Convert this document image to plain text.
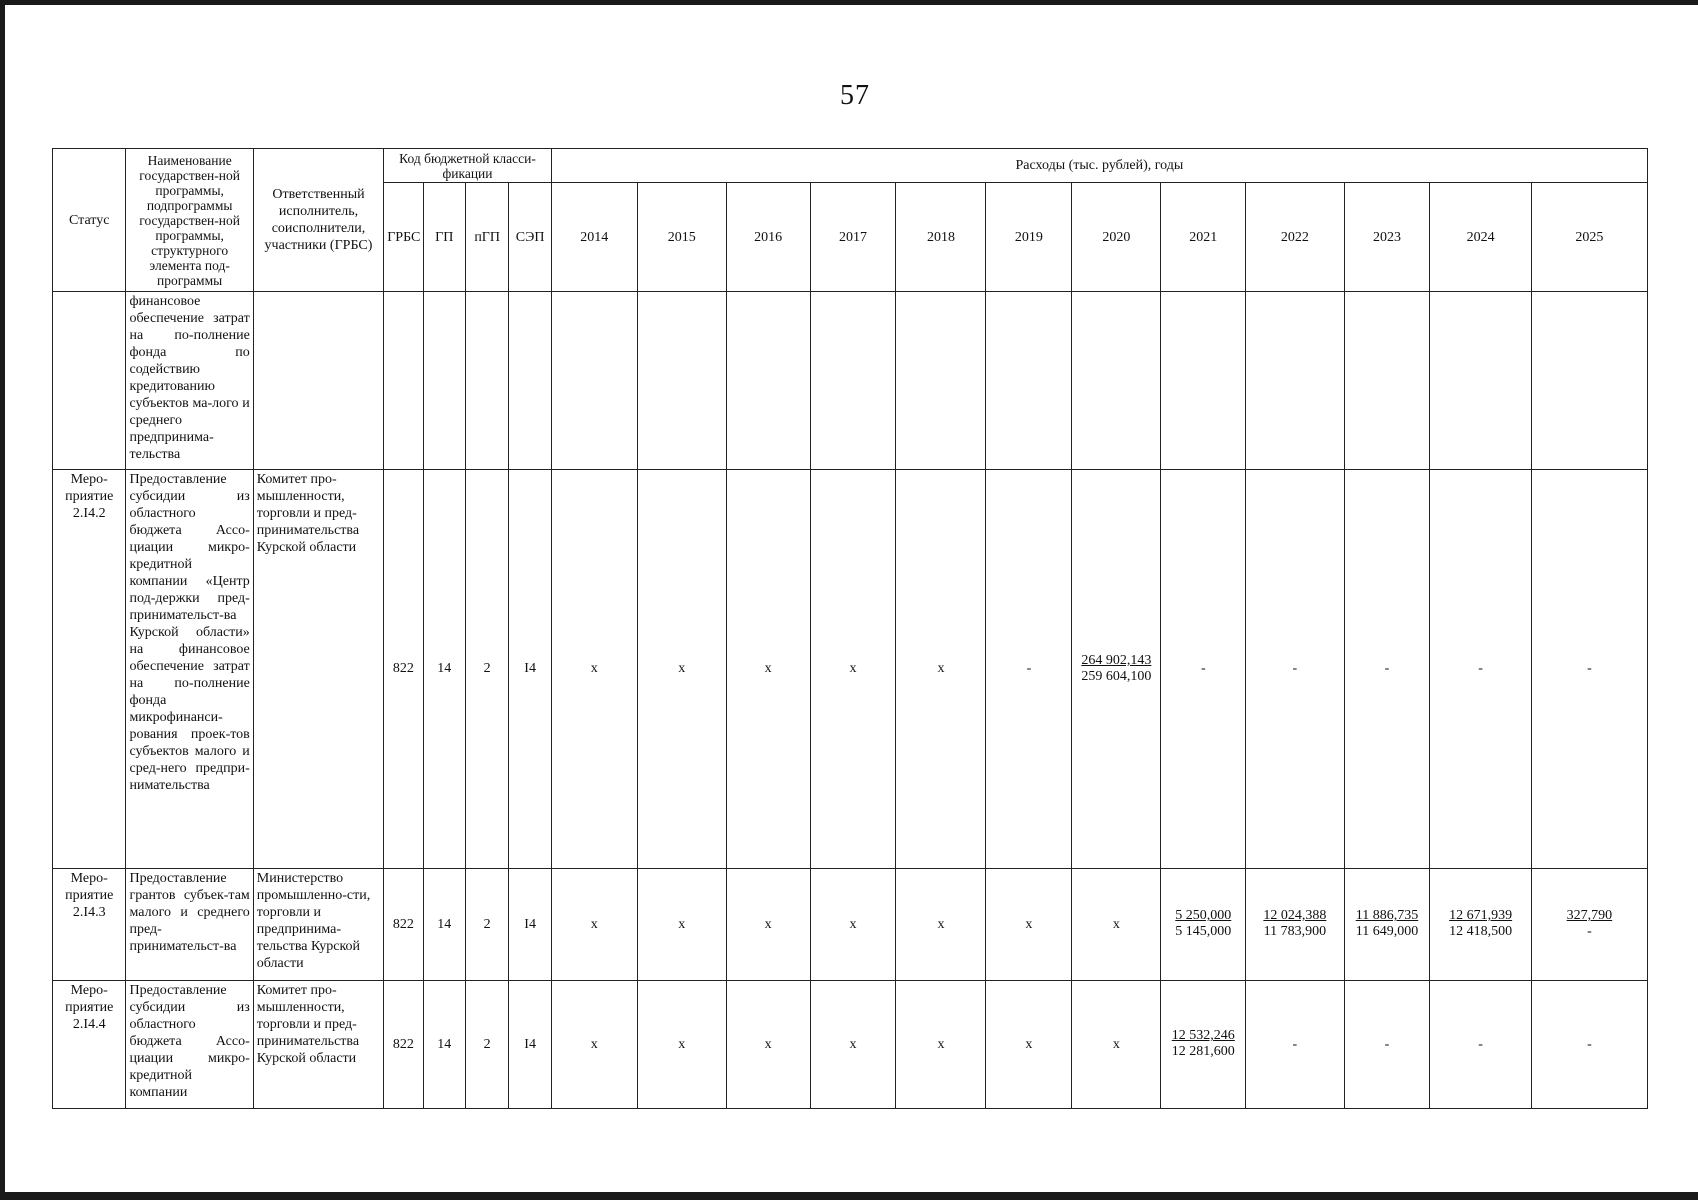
57
Статус	Наименование государствен-ной программы, подпрограммы государствен-ной программы, структурного элемента под-программы	Ответственный исполнитель, соисполнители, участники (ГРБС)	Код бюджетной класси-фикации				Расходы (тыс. рублей), годы											
			ГРБС	ГП	пГП	СЭП	2014	2015	2016	2017	2018	2019	2020	2021	2022	2023	2024	2025
	финансовое обеспечение затрат на по-полнение фонда по содействию кредитованию субъектов ма-лого и среднего предпринима-тельства																	
Меро-приятие 2.I4.2	Предоставление субсидии из областного бюджета Ассо-циации микро-кредитной компании «Центр под-держки пред-принимательст-ва Курской области» на финансовое обеспечение затрат на по-полнение фонда микрофинанси-рования проек-тов субъектов малого и сред-него предпри-нимательства	Комитет про-мышленности, торговли и пред-принимательства Курской области	822	14	2	I4	x	x	x	x	x	-	$\frac{264 902,143}{259 604,100}$	-	-	-	-	-
Меро-приятие 2.I4.3	Предоставление грантов субъек-там малого и среднего пред-принимательст-ва	Министерство промышленно-сти, торговли и предпринима-тельства Курской области	822	14	2	I4	x	x	x	x	x	x	x	$\frac{5 250,000}{5 145,000}$	$\frac{12 024,388}{11 783,900}$	$\frac{11 886,735}{11 649,000}$	$\frac{12 671,939}{12 418,500}$	$\frac{327,790}{-}$

Меро-приятие 2.I4.4	Предоставление субсидии из областного бюджета Ассо-циации микро-кредитной компании	Комитет про-мышленности, торговли и пред-принимательства Курской области	822	14	2	I4	x	x	x	x	x	x	x	$\frac{12 532,246}{12 281,600}$	-	-	-	-
